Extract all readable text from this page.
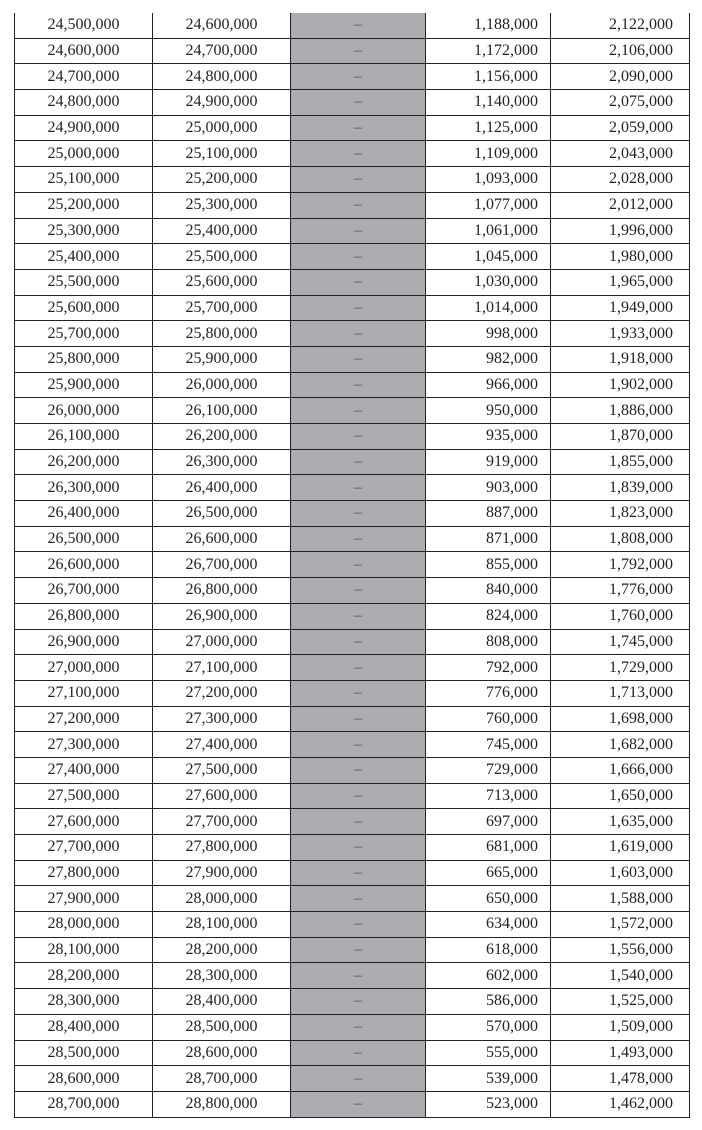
24,500,000	24,600,000	–	1,188,000	2,122,000
24,600,000	24,700,000	–	1,172,000	2,106,000
24,700,000	24,800,000	–	1,156,000	2,090,000
24,800,000	24,900,000	–	1,140,000	2,075,000
24,900,000	25,000,000	–	1,125,000	2,059,000
25,000,000	25,100,000	–	1,109,000	2,043,000
25,100,000	25,200,000	–	1,093,000	2,028,000
25,200,000	25,300,000	–	1,077,000	2,012,000
25,300,000	25,400,000	–	1,061,000	1,996,000
25,400,000	25,500,000	–	1,045,000	1,980,000
25,500,000	25,600,000	–	1,030,000	1,965,000
25,600,000	25,700,000	–	1,014,000	1,949,000
25,700,000	25,800,000	–	998,000	1,933,000
25,800,000	25,900,000	–	982,000	1,918,000
25,900,000	26,000,000	–	966,000	1,902,000
26,000,000	26,100,000	–	950,000	1,886,000
26,100,000	26,200,000	–	935,000	1,870,000
26,200,000	26,300,000	–	919,000	1,855,000
26,300,000	26,400,000	–	903,000	1,839,000
26,400,000	26,500,000	–	887,000	1,823,000
26,500,000	26,600,000	–	871,000	1,808,000
26,600,000	26,700,000	–	855,000	1,792,000
26,700,000	26,800,000	–	840,000	1,776,000
26,800,000	26,900,000	–	824,000	1,760,000
26,900,000	27,000,000	–	808,000	1,745,000
27,000,000	27,100,000	–	792,000	1,729,000
27,100,000	27,200,000	–	776,000	1,713,000
27,200,000	27,300,000	–	760,000	1,698,000
27,300,000	27,400,000	–	745,000	1,682,000
27,400,000	27,500,000	–	729,000	1,666,000
27,500,000	27,600,000	–	713,000	1,650,000
27,600,000	27,700,000	–	697,000	1,635,000
27,700,000	27,800,000	–	681,000	1,619,000
27,800,000	27,900,000	–	665,000	1,603,000
27,900,000	28,000,000	–	650,000	1,588,000
28,000,000	28,100,000	–	634,000	1,572,000
28,100,000	28,200,000	–	618,000	1,556,000
28,200,000	28,300,000	–	602,000	1,540,000
28,300,000	28,400,000	–	586,000	1,525,000
28,400,000	28,500,000	–	570,000	1,509,000
28,500,000	28,600,000	–	555,000	1,493,000
28,600,000	28,700,000	–	539,000	1,478,000
28,700,000	28,800,000	–	523,000	1,462,000
